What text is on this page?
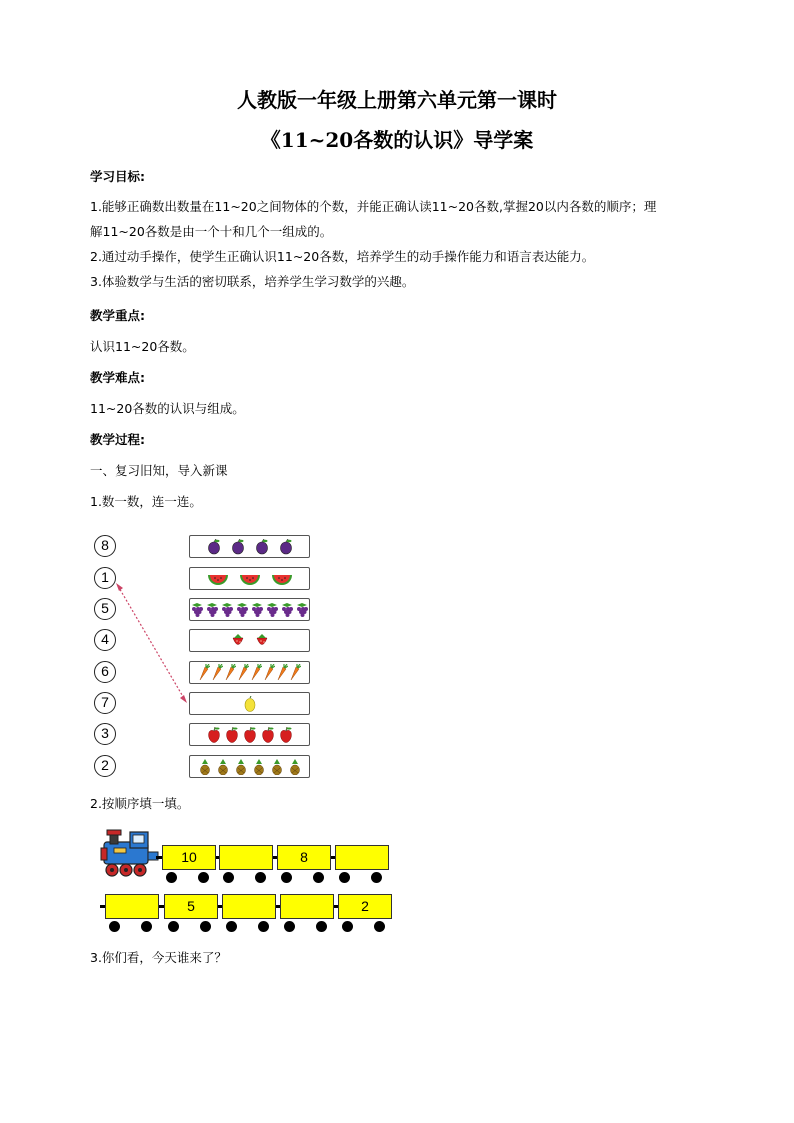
人教版一年级上册第六单元第一课时
《11~20各数的认识》导学案
学习目标:
1.能够正确数出数量在11~20之间物体的个数，并能正确认读11~20各数,掌握20以内各数的顺序；理
解11~20各数是由一个十和几个一组成的。
2.通过动手操作，使学生正确认识11~20各数，培养学生的动手操作能力和语言表达能力。
3.体验数学与生活的密切联系，培养学生学习数学的兴趣。
教学重点:
认识11~20各数。
教学难点:
11~20各数的认识与组成。
教学过程:
一、复习旧知，导入新课
1.数一数，连一连。
8
1
5
4
6
7
3
2
2.按顺序填一填。
10	8
5	2
3.你们看，今天谁来了？
